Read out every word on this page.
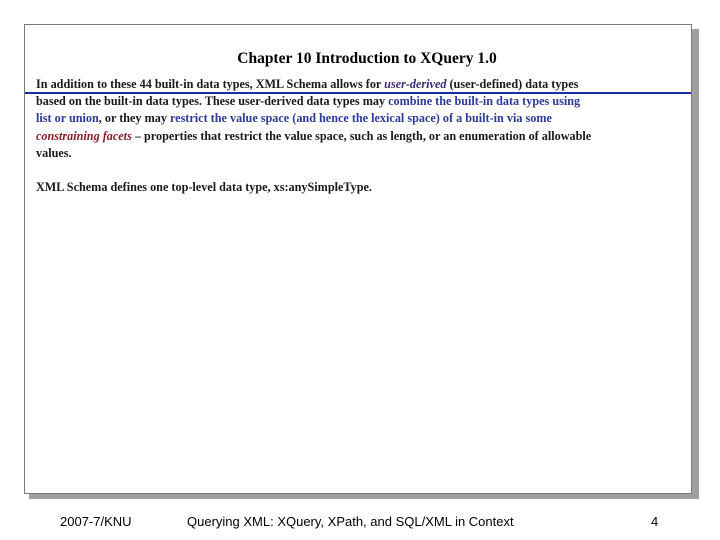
Chapter 10 Introduction to XQuery 1.0

In addition to these 44 built-in data types, XML Schema allows for user-derived (user-defined) data types
based on the built-in data types. These user-derived data types may combine the built-in data types using
list or union, or they may restrict the value space (and hence the lexical space) of a built-in via some
constraining facets – properties that restrict the value space, such as length, or an enumeration of allowable
values.

XML Schema defines one top-level data type, xs:anySimpleType.

2007-7/KNU	Querying XML: XQuery, XPath, and SQL/XML in Context	4
